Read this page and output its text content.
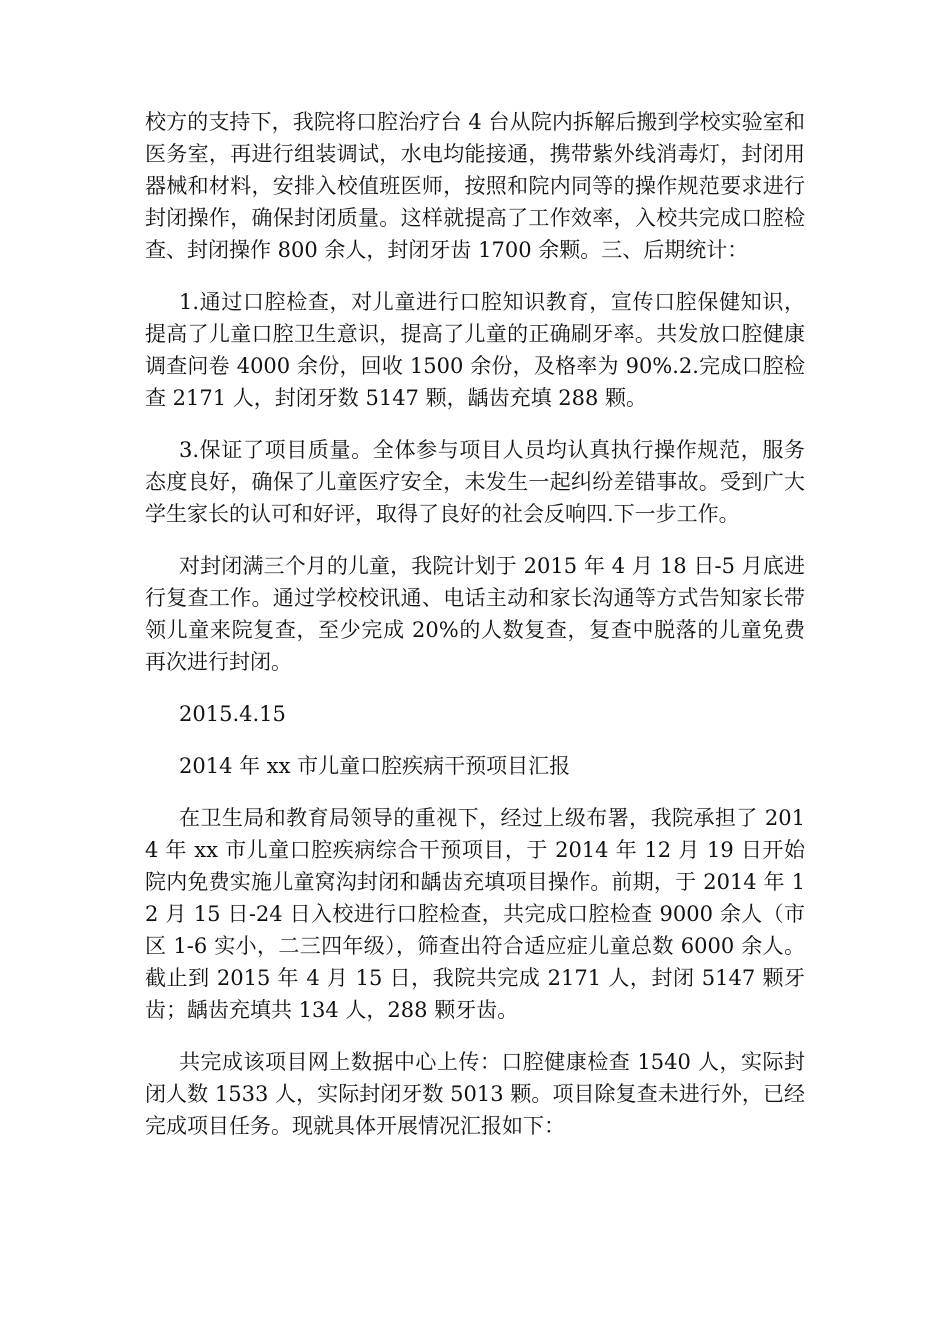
校方的支持下，我院将口腔治疗台 4 台从院内拆解后搬到学校实验室和医务室，再进行组装调试，水电均能接通，携带紫外线消毒灯，封闭用器械和材料，安排入校值班医师，按照和院内同等的操作规范要求进行封闭操作，确保封闭质量。这样就提高了工作效率，入校共完成口腔检查、封闭操作 800 余人，封闭牙齿 1700 余颗。三、后期统计：

1.通过口腔检查，对儿童进行口腔知识教育，宣传口腔保健知识，提高了儿童口腔卫生意识，提高了儿童的正确刷牙率。共发放口腔健康调查问卷 4000 余份，回收 1500 余份，及格率为 90%.2.完成口腔检查 2171 人，封闭牙数 5147 颗，龋齿充填 288 颗。

3.保证了项目质量。全体参与项目人员均认真执行操作规范，服务态度良好，确保了儿童医疗安全，未发生一起纠纷差错事故。受到广大学生家长的认可和好评，取得了良好的社会反响四.下一步工作。

对封闭满三个月的儿童，我院计划于 2015 年 4 月 18 日-5 月底进行复查工作。通过学校校讯通、电话主动和家长沟通等方式告知家长带领儿童来院复查，至少完成 20%的人数复查，复查中脱落的儿童免费再次进行封闭。

2015.4.15

2014 年 xx 市儿童口腔疾病干预项目汇报

在卫生局和教育局领导的重视下，经过上级布署，我院承担了 2014 年 xx 市儿童口腔疾病综合干预项目，于 2014 年 12 月 19 日开始院内免费实施儿童窝沟封闭和龋齿充填项目操作。前期，于 2014 年 12 月 15 日-24 日入校进行口腔检查，共完成口腔检查 9000 余人（市区 1-6 实小，二三四年级），筛查出符合适应症儿童总数 6000 余人。截止到 2015 年 4 月 15 日，我院共完成 2171 人，封闭 5147 颗牙齿；龋齿充填共 134 人，288 颗牙齿。

共完成该项目网上数据中心上传：口腔健康检查 1540 人，实际封闭人数 1533 人，实际封闭牙数 5013 颗。项目除复查未进行外，已经完成项目任务。现就具体开展情况汇报如下：
